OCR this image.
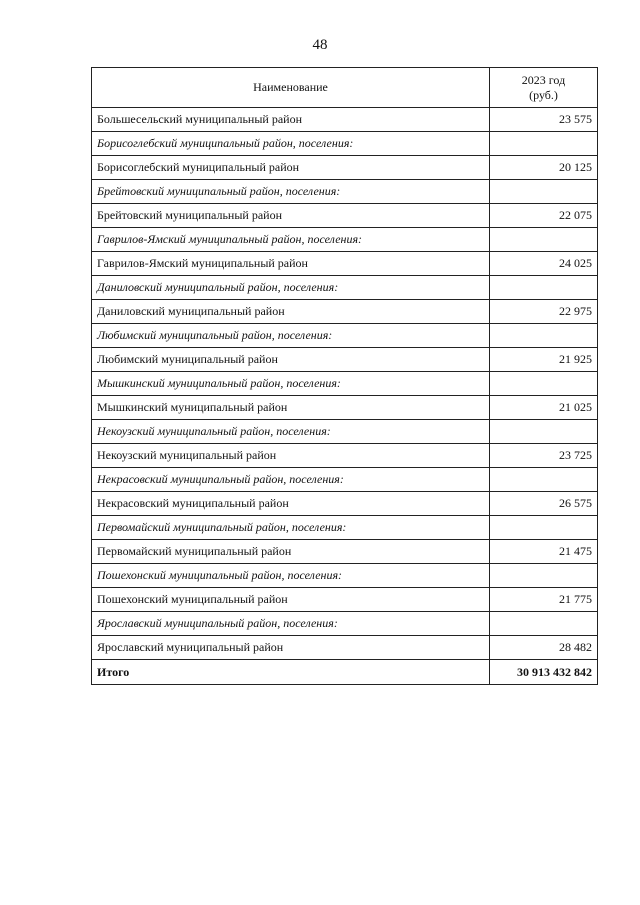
48
Наименование	2023 год
(руб.)
Большесельский муниципальный район	23 575
Борисоглебский муниципальный район, поселения:	
Борисоглебский муниципальный район	20 125
Брейтовский муниципальный район, поселения:	
Брейтовский муниципальный район	22 075
Гаврилов-Ямский муниципальный район, поселения:	
Гаврилов-Ямский муниципальный район	24 025
Даниловский муниципальный район, поселения:	
Даниловский муниципальный район	22 975
Любимский муниципальный район, поселения:	
Любимский муниципальный район	21 925
Мышкинский муниципальный район, поселения:	
Мышкинский муниципальный район	21 025
Некоузский муниципальный район, поселения:	
Некоузский муниципальный район	23 725
Некрасовский муниципальный район, поселения:	
Некрасовский муниципальный район	26 575
Первомайский муниципальный район, поселения:	
Первомайский муниципальный район	21 475
Пошехонский муниципальный район, поселения:	
Пошехонский муниципальный район	21 775
Ярославский муниципальный район, поселения:	
Ярославский муниципальный район	28 482
Итого	30 913 432 842
